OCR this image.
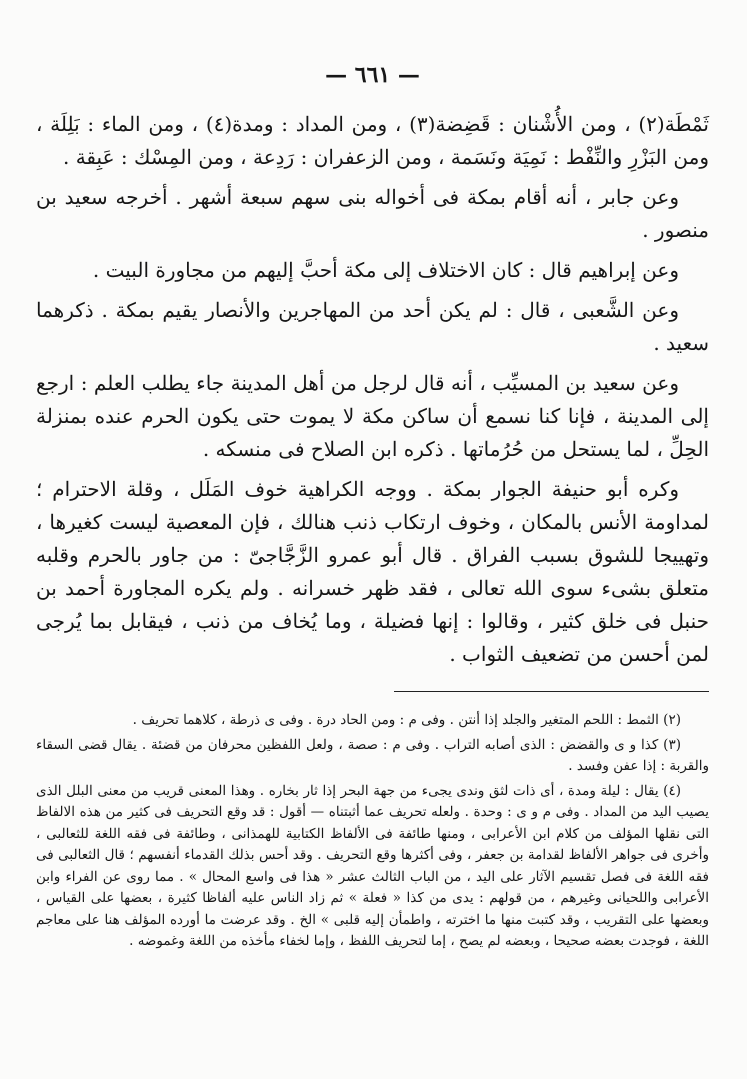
— ٦٦١ —

ثَمْطَة(٢) ، ومن الأُشْنان : قَضِضة(٣) ، ومن المداد : ومدة(٤) ، ومن الماء : بَلِلَة ، ومن البَزْرِ والنِّفْط : نَمِيَة ونَسَمة ، ومن الزعفران : رَدِعة ، ومن المِسْك : عَبِقة .

وعن جابر ، أنه أقام بمكة فى أخواله بنى سهم سبعة أشهر . أخرجه سعيد بن منصور .

وعن إبراهيم قال : كان الاختلاف إلى مكة أحبَّ إليهم من مجاورة البيت .

وعن الشَّعبى ، قال : لم يكن أحد من المهاجرين والأنصار يقيم بمكة . ذكرهما سعيد .

وعن سعيد بن المسيِّب ، أنه قال لرجل من أهل المدينة جاء يطلب العلم : ارجع إلى المدينة ، فإنا كنا نسمع أن ساكن مكة لا يموت حتى يكون الحرم عنده بمنزلة الحِلِّ ، لما يستحل من حُرُماتها . ذكره ابن الصلاح فى منسكه .

وكره أبو حنيفة الجوار بمكة . ووجه الكراهية خوف المَلَل ، وقلة الاحترام ؛ لمداومة الأنس بالمكان ، وخوف ارتكاب ذنب هنالك ، فإن المعصية ليست كغيرها ، وتهييجا للشوق بسبب الفراق . قال أبو عمرو الزَّجَّاجىّ : من جاور بالحرم وقلبه متعلق بشىء سوى الله تعالى ، فقد ظهر خسرانه . ولم يكره المجاورة أحمد بن حنبل فى خلق كثير ، وقالوا : إنها فضيلة ، وما يُخاف من ذنب ، فيقابل بما يُرجى لمن أحسن من تضعيف الثواب .

(٢) الثمط : اللحم المتغير والجلد إذا أنتن . وفى م : ومن الحاد درة . وفى ى ذرطة ، كلاهما تحريف .

(٣) كذا و ى والقضض : الذى أصابه التراب . وفى م : صصة ، ولعل اللفظين محرفان من قضئة . يقال قضى السقاء والقربة : إذا عفن وفسد .

(٤) يقال : ليلة ومدة ، أى ذات لثق وندى يجىء من جهة البحر إذا ثار بخاره . وهذا المعنى قريب من معنى البلل الذى يصيب اليد من المداد . وفى م و ى : وحدة . ولعله تحريف عما أثبتناه — أقول : قد وقع التحريف فى كثير من هذه الالفاظ التى نقلها المؤلف من كلام ابن الأعرابى ، ومنها طائفة فى الألفاظ الكتابية للهمذانى ، وطائفة فى فقه اللغة للثعالبى ، وأخرى فى جواهر الألفاظ لقدامة بن جعفر ، وفى أكثرها وقع التحريف . وقد أحس بذلك القدماء أنفسهم ؛ قال الثعالبى فى فقه اللغة فى فصل تقسيم الآثار على اليد ، من الباب الثالث عشر « هذا فى واسع المحال » . مما روى عن الفراء وابن الأعرابى واللحيانى وغيرهم ، من قولهم : يدى من كذا « فعلة » ثم زاد الناس عليه ألفاظا كثيرة ، بعضها على القياس ، وبعضها على التقريب ، وقد كتبت منها ما اخترته ، واطمأن إليه قلبى » الخ . وقد عرضت ما أورده المؤلف هنا على معاجم اللغة ، فوجدت بعضه صحيحا ، وبعضه لم يصح ، إما لتحريف اللفظ ، وإما لخفاء مأخذه من اللغة وغموضه .
